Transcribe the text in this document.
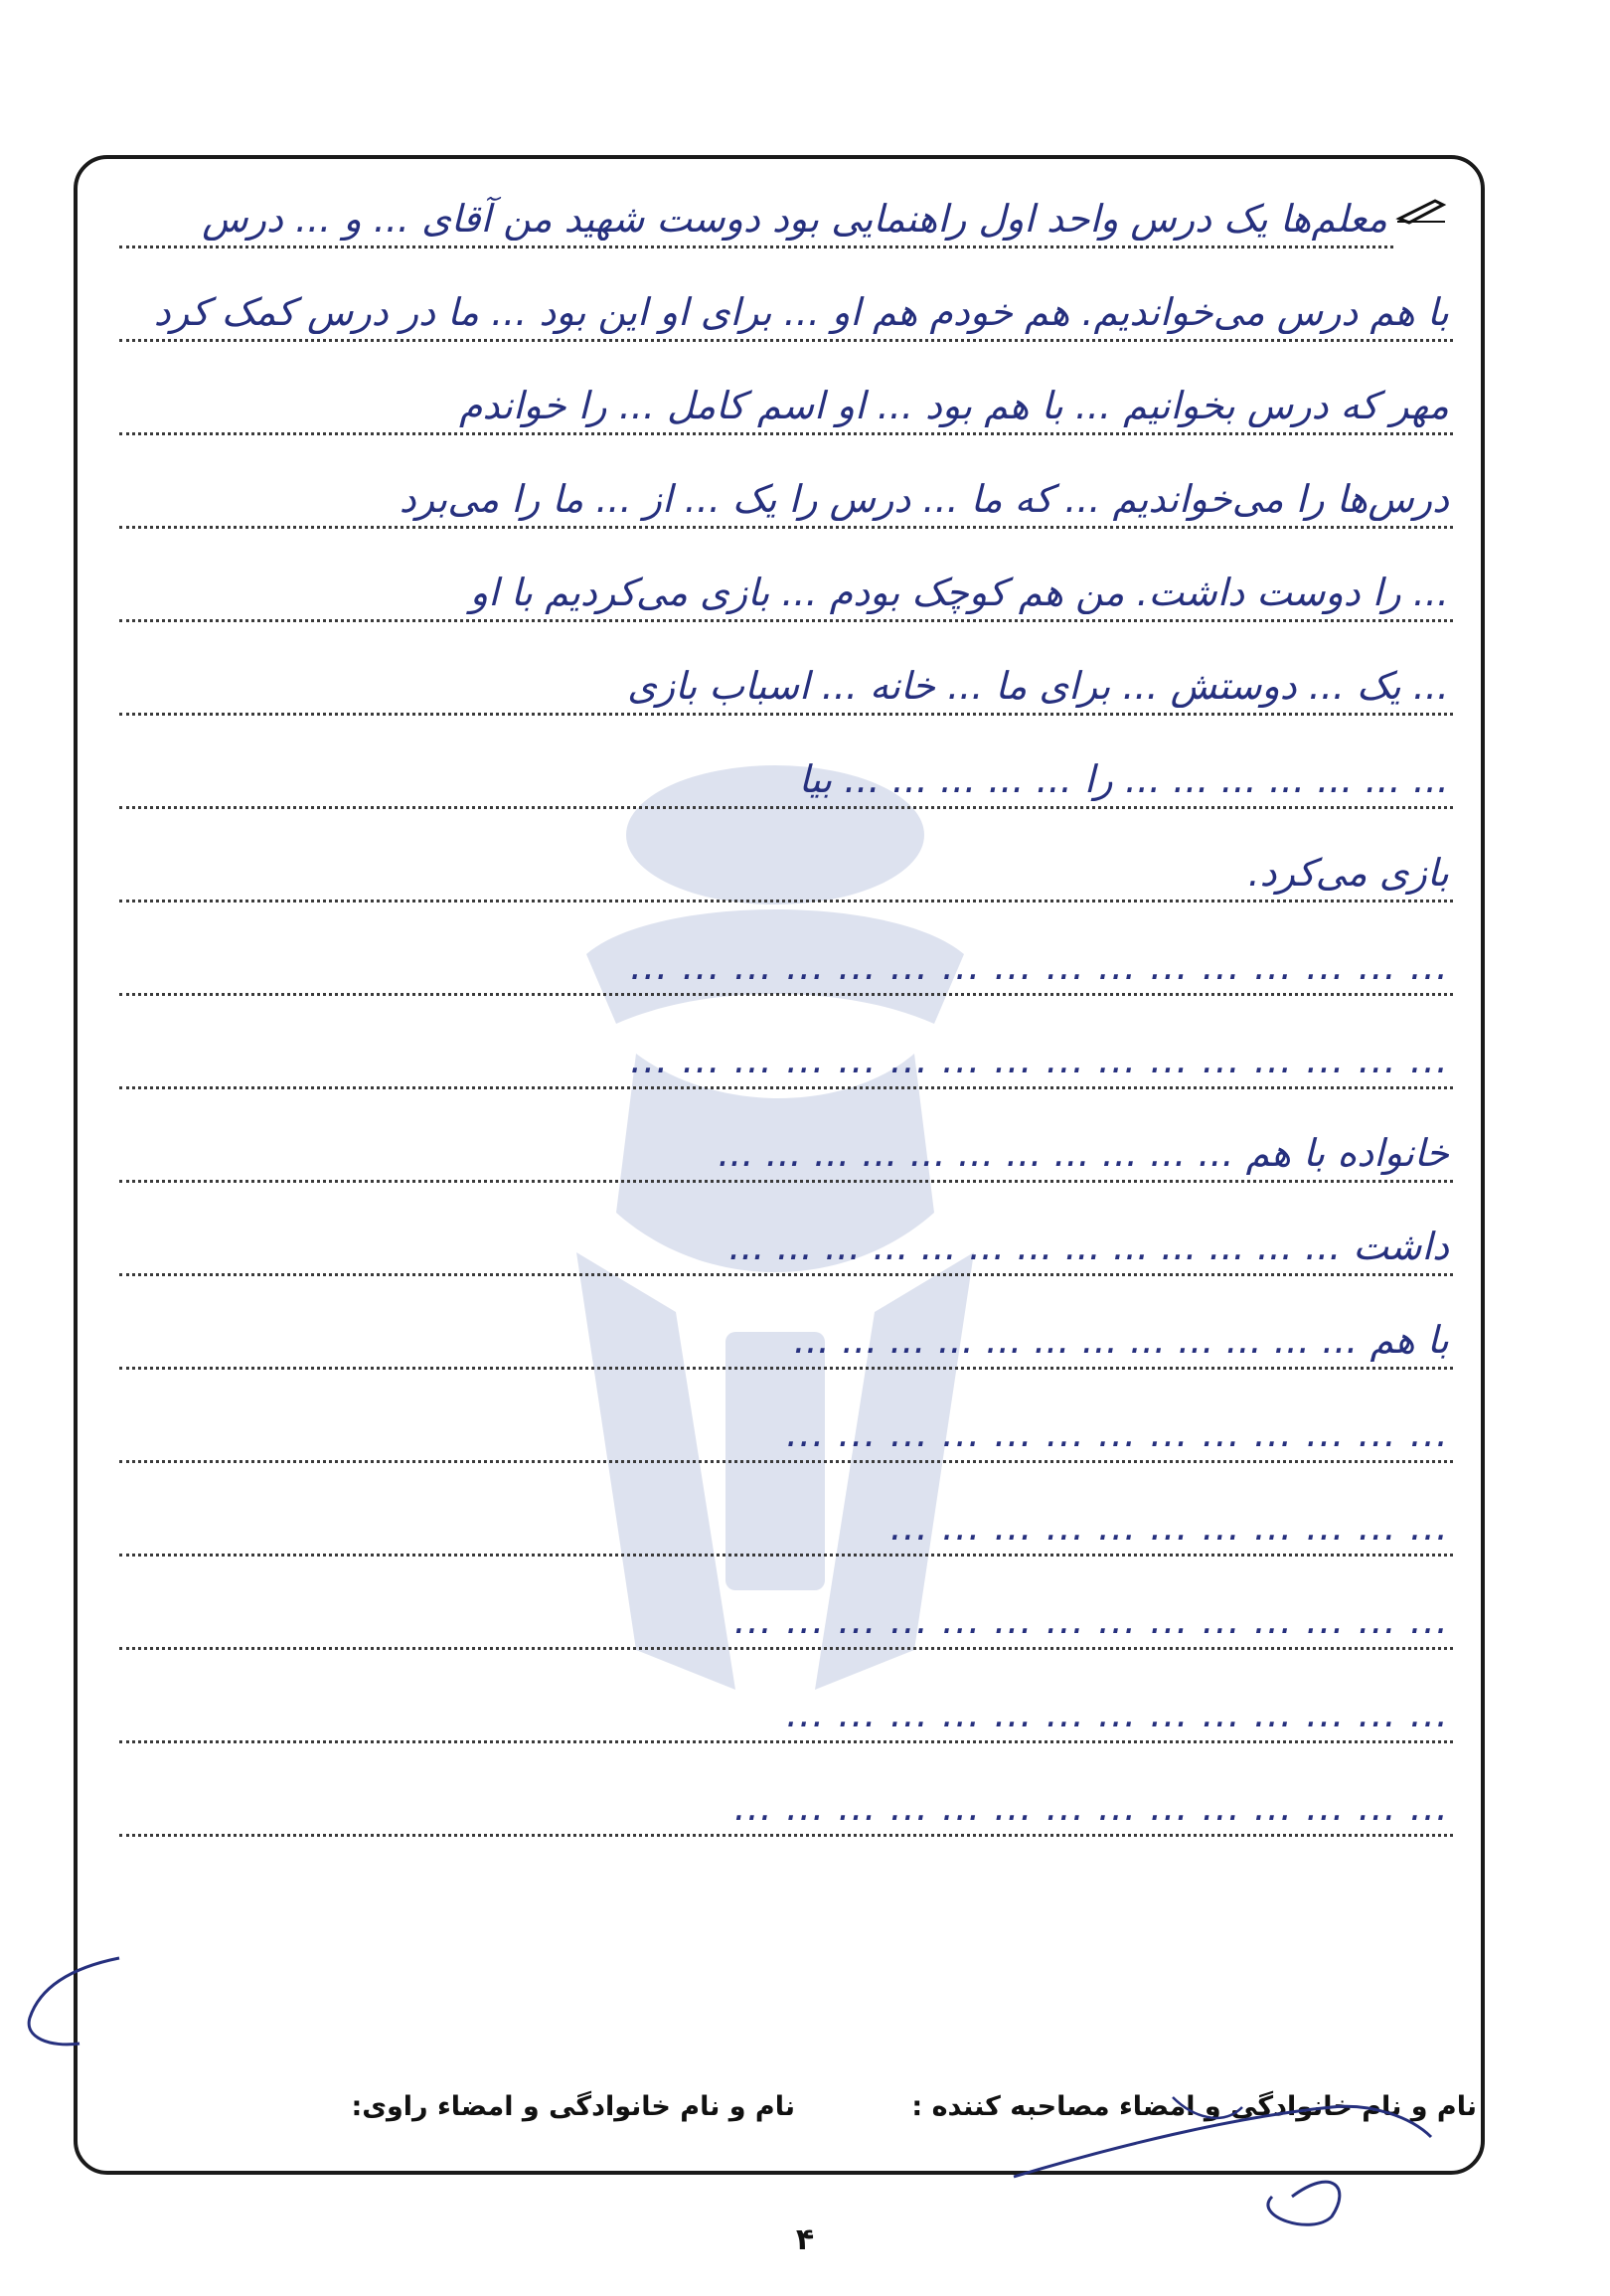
معلم‌ها یک درس واحد اول راهنمایی بود دوست شهید من آقای ... و ... درس
با هم درس می‌خواندیم. هم خودم هم او ... برای او این بود ... ما در درس کمک کرد
مهر که درس بخوانیم ... با هم بود ... او اسم کامل ... را خواندم
درس‌ها را می‌خواندیم ... که ما ... درس را یک ... از ... ما را می‌برد
... را دوست داشت. من هم کوچک بودم ... بازی می‌کردیم با او
... یک ... دوستش ... برای ما ... خانه ... اسباب بازی
... ... ... ... ... ... ... را ... ... ... ... ... بیا
بازی می‌کرد.
... ... ... ... ... ... ... ... ... ... ... ... ... ... ... ...
... ... ... ... ... ... ... ... ... ... ... ... ... ... ... ...
خانواده با هم ... ... ... ... ... ... ... ... ... ... ...
داشت ... ... ... ... ... ... ... ... ... ... ... ... ...
با هم ... ... ... ... ... ... ... ... ... ... ... ...
... ... ... ... ... ... ... ... ... ... ... ... ...
... ... ... ... ... ... ... ... ... ... ...
... ... ... ... ... ... ... ... ... ... ... ... ... ...
... ... ... ... ... ... ... ... ... ... ... ... ...
... ... ... ... ... ... ... ... ... ... ... ... ... ...
نام و نام خانوادگی و امضاء مصاحبه کننده :
نام و نام خانوادگی و امضاء راوی:
۴
